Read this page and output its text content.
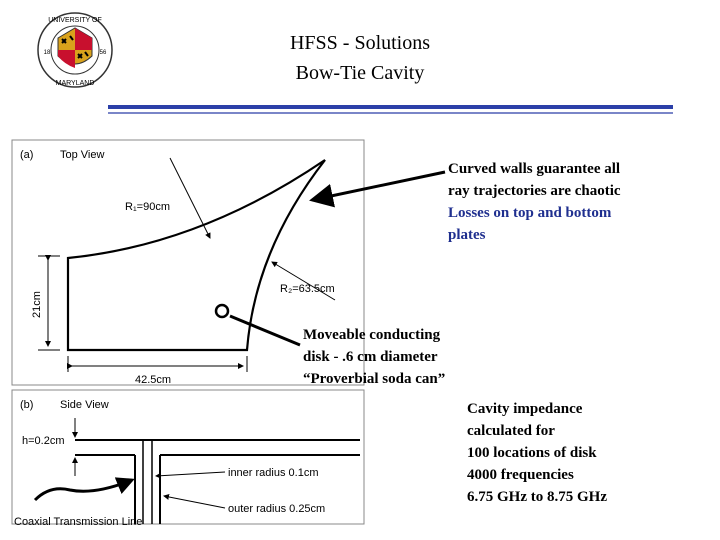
UNIVERSITY OF
MARYLAND
18	56	HFSS - Solutions
Bow-Tie Cavity
(a) Top View
R₁=90cm
R₂=63.5cm
21cm
42.5cm
(b) Side View
h=0.2cm
inner radius 0.1cm
outer radius 0.25cm
Coaxial Transmission Line
Curved walls guarantee all
ray trajectories are chaotic
Losses on top and bottom
plates
Moveable conducting
disk - .6 cm diameter
“Proverbial soda can”
Cavity impedance
calculated for
100 locations of disk
4000 frequencies
6.75 GHz to 8.75 GHz
